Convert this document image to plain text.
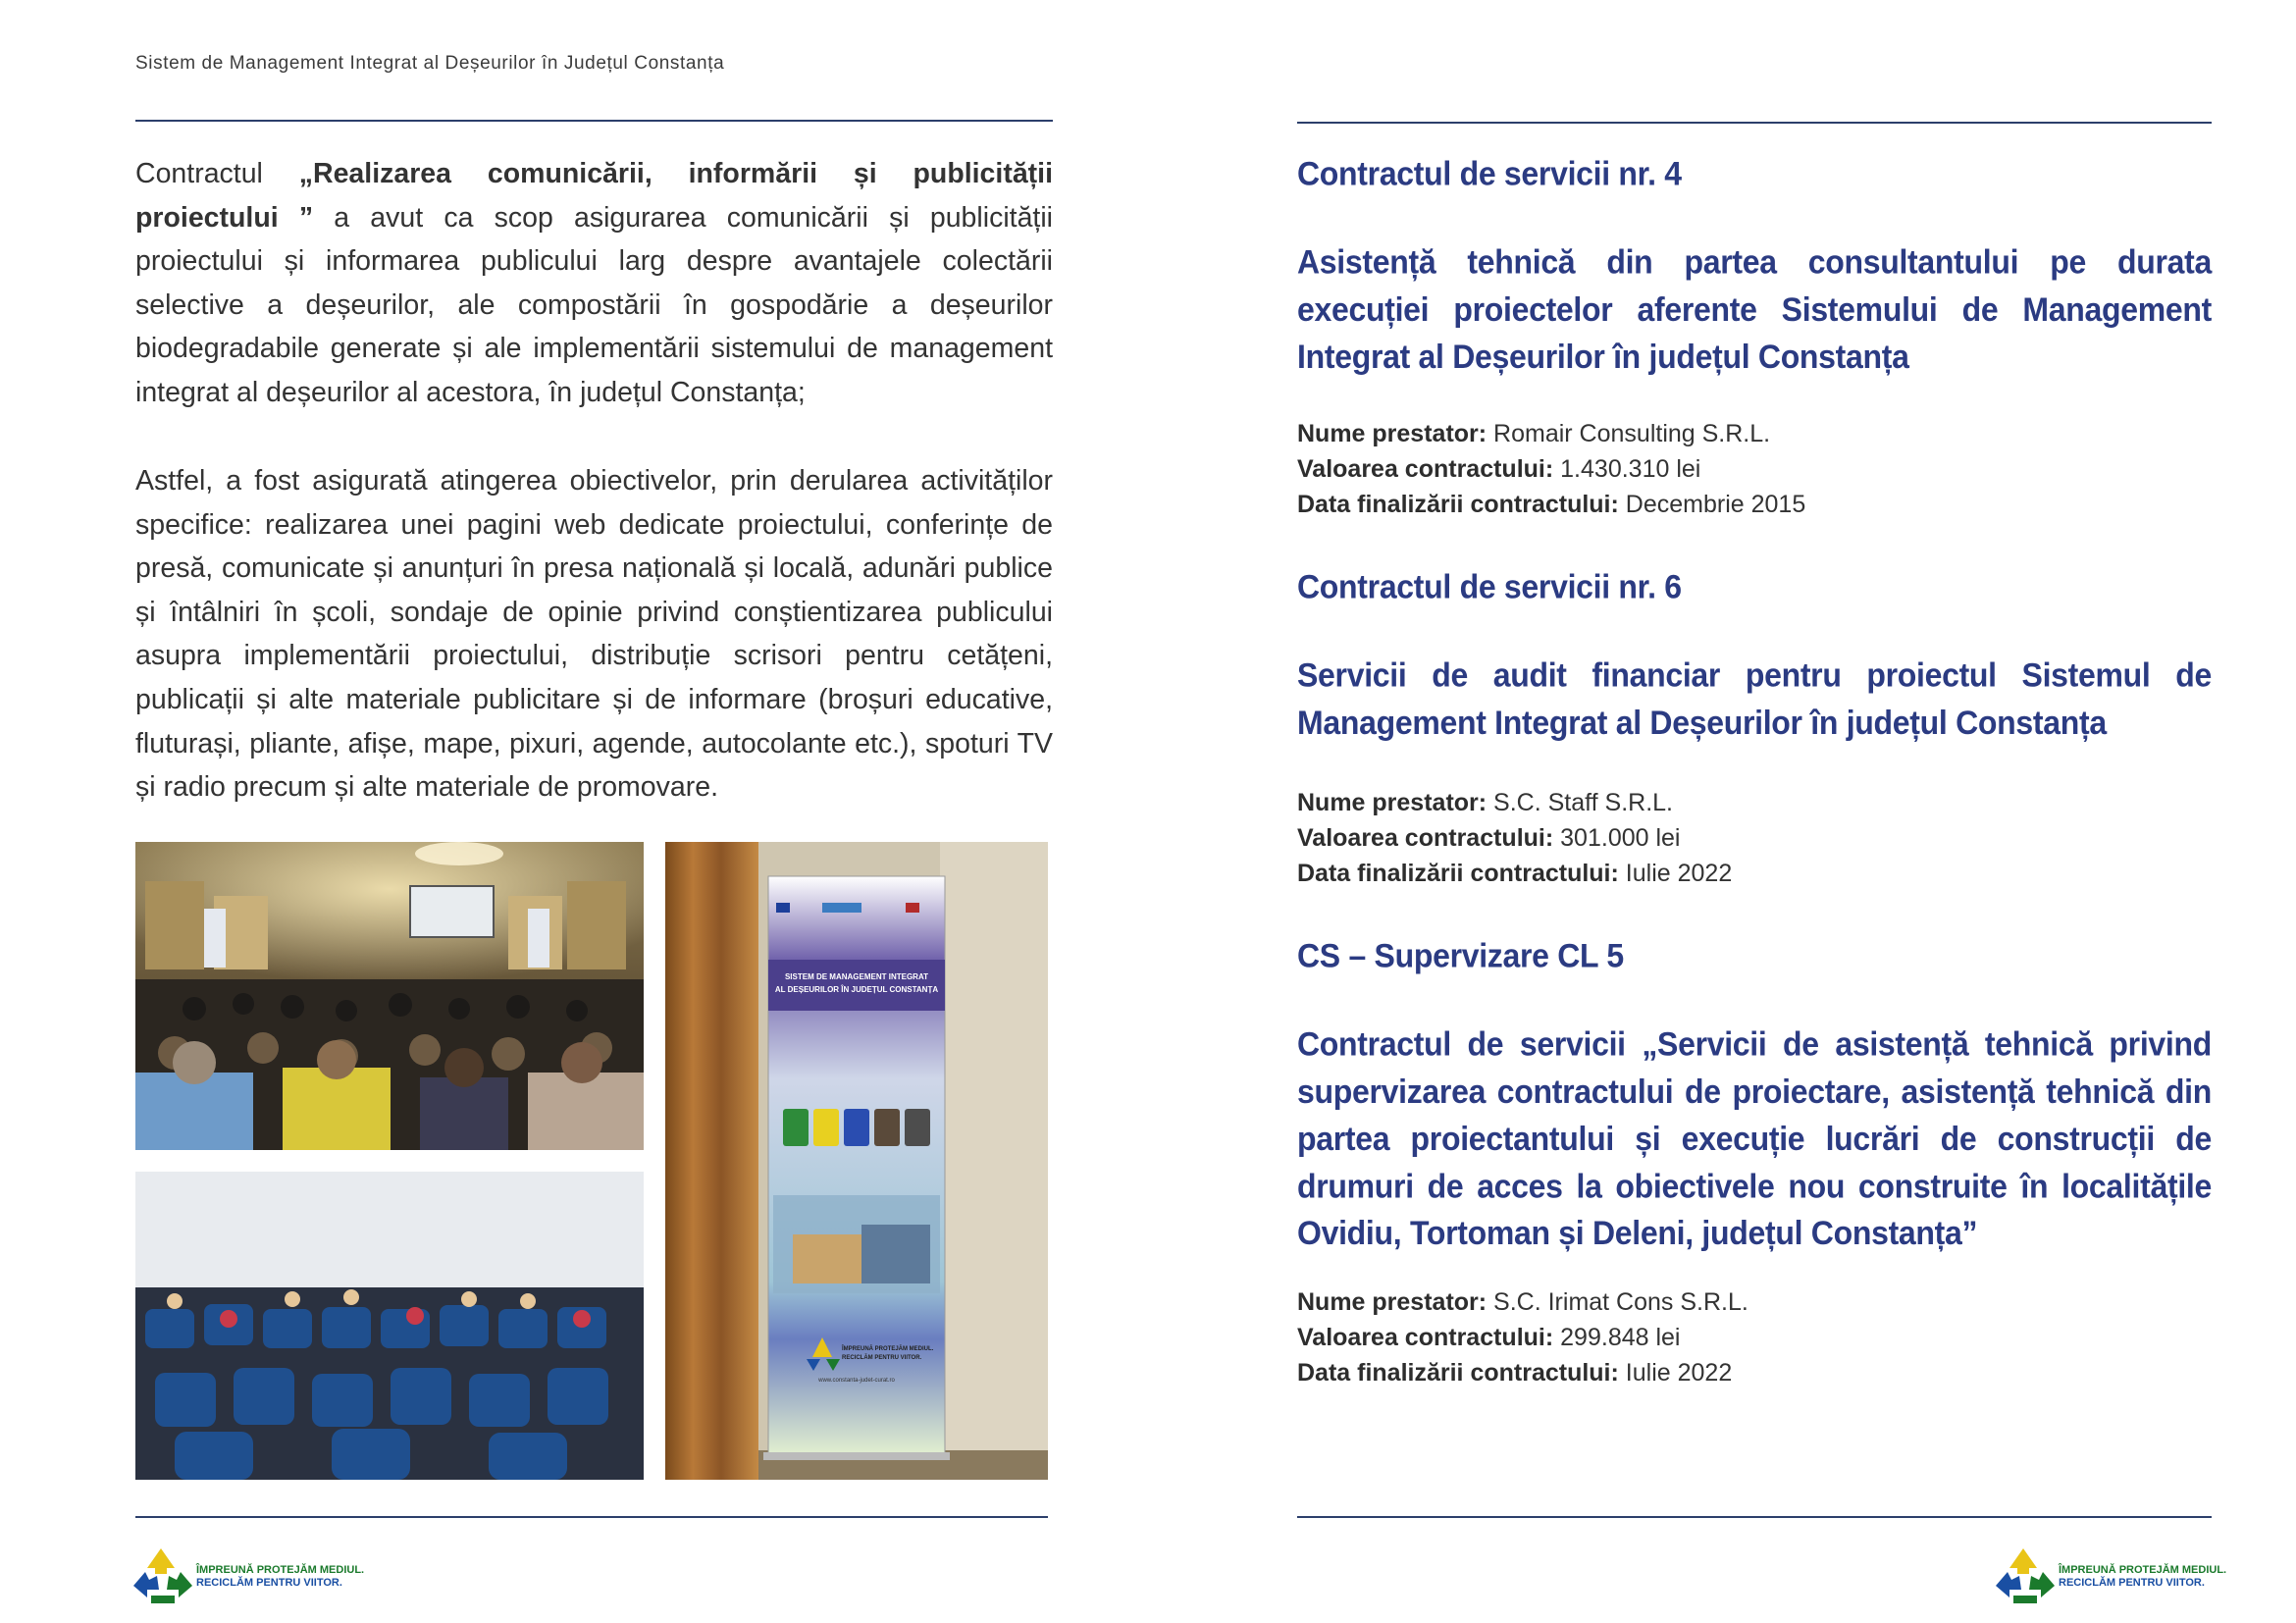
Sistem de Management Integrat al Deșeurilor în Județul Constanța

Contractul „Realizarea comunicării, informării și publicității proiectului ” a avut ca scop asigurarea comunicării și publicității proiectului și informarea publicului larg despre avantajele colectării selective a deșeurilor, ale compostării în gospodărie a deșeurilor biodegradabile generate și ale implementării sistemului de management integrat al deșeurilor al acestora, în județul Constanța;

Astfel, a fost asigurată atingerea obiectivelor, prin derularea activităților specifice: realizarea unei pagini web dedicate proiectului, conferințe de presă, comunicate și anunțuri în presa națională și locală, adunări publice și întâlniri în școli, sondaje de opinie privind conștientizarea publicului asupra implementării proiectului, distribuție scrisori pentru cetățeni, publicații și alte materiale publicitare și de informare (broșuri educative, fluturași, pliante, afișe, mape, pixuri, agende, autocolante etc.), spoturi TV și radio precum și alte materiale de promovare.

SISTEM DE MANAGEMENT INTEGRAT
AL DEȘEURILOR ÎN JUDEȚUL CONSTANȚA
ÎMPREUNĂ PROTEJĂM MEDIUL.
RECICLĂM PENTRU VIITOR.
www.constanta-judet-curat.ro
ÎMPREUNĂ PROTEJĂM MEDIUL.
RECICLĂM PENTRU VIITOR.
Contractul de servicii nr. 4
Asistență tehnică din partea consultantului pe durata execuției proiectelor aferente Sistemului de Management Integrat al Deșeurilor în județul Constanța
Nume prestator: Romair Consulting S.R.L.
Valoarea contractului: 1.430.310 lei
Data finalizării contractului: Decembrie 2015
Contractul de servicii nr. 6
Servicii de audit financiar pentru proiectul Sistemul de Management Integrat al Deșeurilor în județul Constanța
Nume prestator: S.C. Staff S.R.L.
Valoarea contractului: 301.000 lei
Data finalizării contractului: Iulie 2022
CS – Supervizare CL 5
Contractul de servicii „Servicii de asistență tehnică privind supervizarea contractului de proiectare, asistență tehnică din partea proiectantului și execuție lucrări de construcții de drumuri de acces la obiectivele nou construite în localitățile Ovidiu, Tortoman și Deleni, județul Constanța”
Nume prestator: S.C. Irimat Cons S.R.L.
Valoarea contractului: 299.848 lei
Data finalizării contractului: Iulie 2022
ÎMPREUNĂ PROTEJĂM MEDIUL.
RECICLĂM PENTRU VIITOR.
